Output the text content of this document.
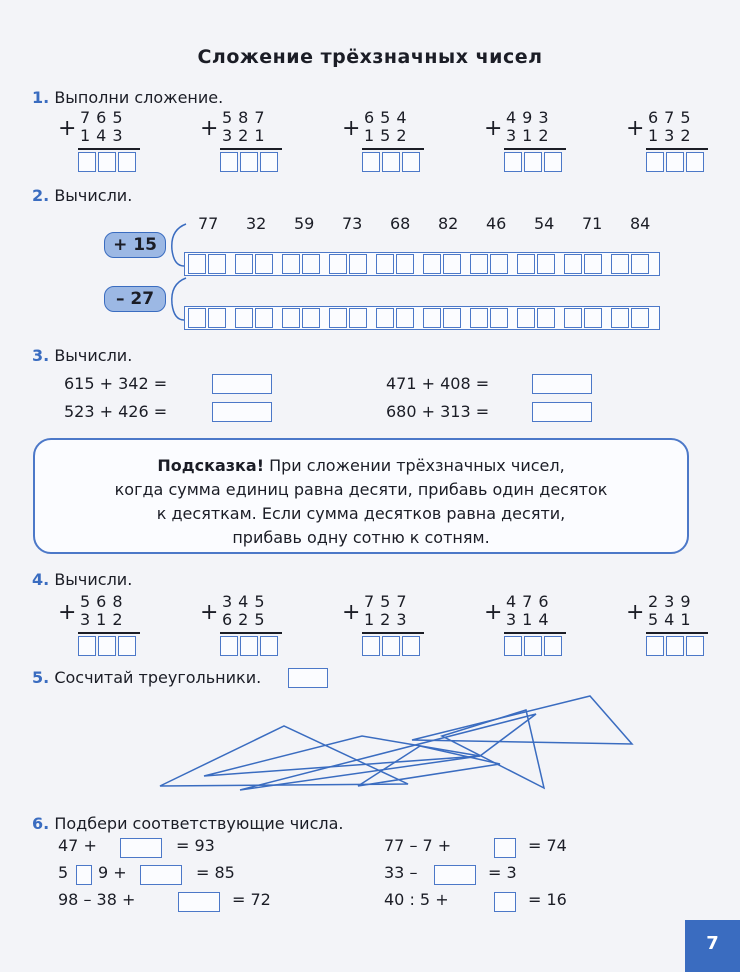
Сложение трёхзначных чисел
1. Выполни сложение.
+ 765
143	+ 587
321	+ 654
152	+ 493
312	+ 675
132
2. Вычисли.
77 32 59 73 68 82 46 54 71 84
+ 15
– 27
3. Вычисли.
615 + 342 =
523 + 426 =
471 + 408 =
680 + 313 =
Подсказка! При сложении трёхзначных чисел,
когда сумма единиц равна десяти, прибавь один десяток
к десяткам. Если сумма десятков равна десяти,
прибавь одну сотню к сотням.
4. Вычисли.
+ 568
312	+ 345
625	+ 757
123	+ 476
314	+ 239
541
5. Сосчитай треугольники.
6. Подбери соответствующие числа.
47 +	= 93
5 9 +	= 85
98 – 38 +	= 72
77 – 7 +	= 74
33 –	= 3
40 : 5 +	= 16
7
